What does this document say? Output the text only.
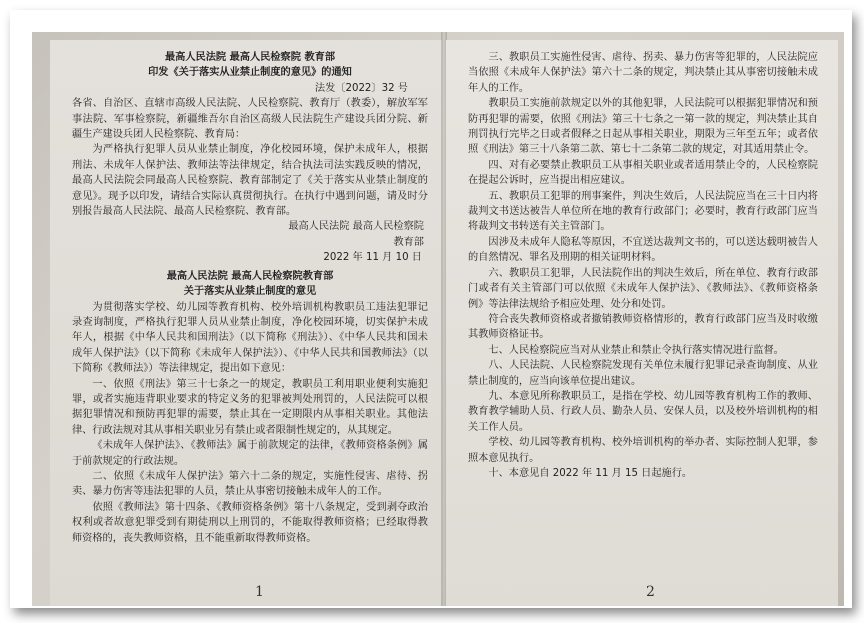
最高人民法院 最高人民检察院 教育部
印发《关于落实从业禁止制度的意见》的通知
法发〔2022〕32 号

各省、自治区、直辖市高级人民法院、人民检察院、教育厅（教委），解放军军事法院、军事检察院，新疆维吾尔自治区高级人民法院生产建设兵团分院、新疆生产建设兵团人民检察院、教育局：

为严格执行犯罪人员从业禁止制度，净化校园环境，保护未成年人，根据刑法、未成年人保护法、教师法等法律规定，结合执法司法实践反映的情况，最高人民法院会同最高人民检察院、教育部制定了《关于落实从业禁止制度的意见》。现予以印发，请结合实际认真贯彻执行。在执行中遇到问题，请及时分别报告最高人民法院、最高人民检察院、教育部。

最高人民法院 最高人民检察院
教育部
2022 年 11 月 10 日
最高人民法院 最高人民检察院教育部
关于落实从业禁止制度的意见

为贯彻落实学校、幼儿园等教育机构、校外培训机构教职员工违法犯罪记录查询制度，严格执行犯罪人员从业禁止制度，净化校园环境，切实保护未成年人，根据《中华人民共和国刑法》（以下简称《刑法》）、《中华人民共和国未成年人保护法》（以下简称《未成年人保护法》）、《中华人民共和国教师法》（以下简称《教师法》）等法律规定，提出如下意见：

一、依照《刑法》第三十七条之一的规定，教职员工利用职业便利实施犯罪，或者实施违背职业要求的特定义务的犯罪被判处刑罚的，人民法院可以根据犯罪情况和预防再犯罪的需要，禁止其在一定期限内从事相关职业。其他法律、行政法规对其从事相关职业另有禁止或者限制性规定的，从其规定。

《未成年人保护法》、《教师法》属于前款规定的法律，《教师资格条例》属于前款规定的行政法规。

二、依照《未成年人保护法》第六十二条的规定，实施性侵害、虐待、拐卖、暴力伤害等违法犯罪的人员，禁止从事密切接触未成年人的工作。

依照《教师法》第十四条、《教师资格条例》第十八条规定，受到剥夺政治权利或者故意犯罪受到有期徒刑以上刑罚的，不能取得教师资格；已经取得教师资格的，丧失教师资格，且不能重新取得教师资格。

1

三、教职员工实施性侵害、虐待、拐卖、暴力伤害等犯罪的，人民法院应当依照《未成年人保护法》第六十二条的规定，判决禁止其从事密切接触未成年人的工作。

教职员工实施前款规定以外的其他犯罪，人民法院可以根据犯罪情况和预防再犯罪的需要，依照《刑法》第三十七条之一第一款的规定，判决禁止其自刑罚执行完毕之日或者假释之日起从事相关职业，期限为三年至五年；或者依照《刑法》第三十八条第二款、第七十二条第二款的规定，对其适用禁止令。

四、对有必要禁止教职员工从事相关职业或者适用禁止令的，人民检察院在提起公诉时，应当提出相应建议。

五、教职员工犯罪的刑事案件，判决生效后，人民法院应当在三十日内将裁判文书送达被告人单位所在地的教育行政部门；必要时，教育行政部门应当将裁判文书转送有关主管部门。

因涉及未成年人隐私等原因，不宜送达裁判文书的，可以送达载明被告人的自然情况、罪名及刑期的相关证明材料。

六、教职员工犯罪，人民法院作出的判决生效后，所在单位、教育行政部门或者有关主管部门可以依照《未成年人保护法》、《教师法》、《教师资格条例》等法律法规给予相应处理、处分和处罚。

符合丧失教师资格或者撤销教师资格情形的，教育行政部门应当及时收缴其教师资格证书。

七、人民检察院应当对从业禁止和禁止令执行落实情况进行监督。

八、人民法院、人民检察院发现有关单位未履行犯罪记录查询制度、从业禁止制度的，应当向该单位提出建议。

九、本意见所称教职员工，是指在学校、幼儿园等教育机构工作的教师、教育教学辅助人员、行政人员、勤杂人员、安保人员，以及校外培训机构的相关工作人员。

学校、幼儿园等教育机构、校外培训机构的举办者、实际控制人犯罪，参照本意见执行。

十、本意见自 2022 年 11 月 15 日起施行。

2
